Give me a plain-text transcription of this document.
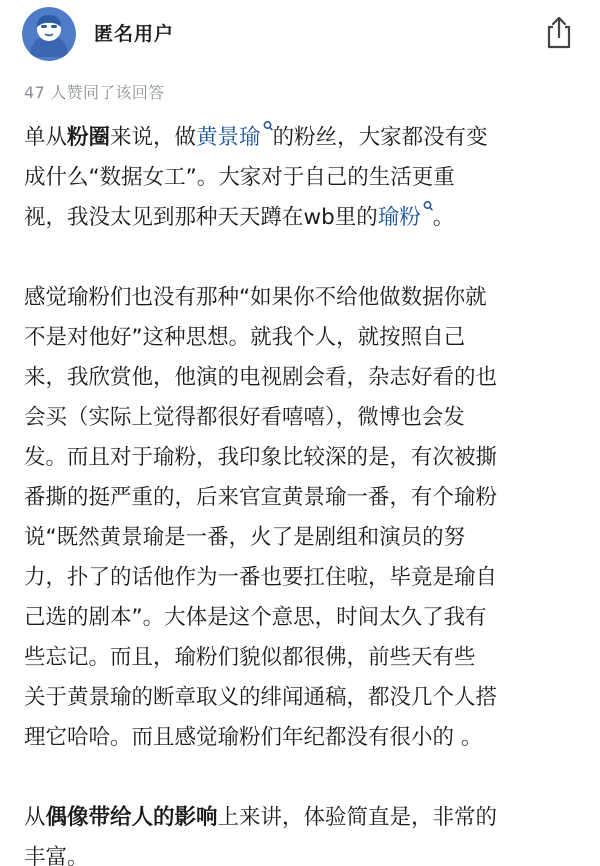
匿名用户
47 人赞同了该回答
单从粉圈来说，做黄景瑜 的粉丝，大家都没有变
成什么“数据女工”。大家对于自己的生活更重
视，我没太见到那种天天蹲在wb里的瑜粉 。
感觉瑜粉们也没有那种“如果你不给他做数据你就
不是对他好”这种思想。就我个人，就按照自己
来，我欣赏他，他演的电视剧会看，杂志好看的也
会买（实际上觉得都很好看嘻嘻），微博也会发
发。而且对于瑜粉，我印象比较深的是，有次被撕
番撕的挺严重的，后来官宣黄景瑜一番，有个瑜粉
说“既然黄景瑜是一番，火了是剧组和演员的努
力，扑了的话他作为一番也要扛住啦，毕竟是瑜自
己选的剧本”。大体是这个意思，时间太久了我有
些忘记。而且，瑜粉们貌似都很佛，前些天有些
关于黄景瑜的断章取义的绯闻通稿，都没几个人搭
理它哈哈。而且感觉瑜粉们年纪都没有很小的 。
从偶像带给人的影响上来讲，体验简直是，非常的
丰富。
